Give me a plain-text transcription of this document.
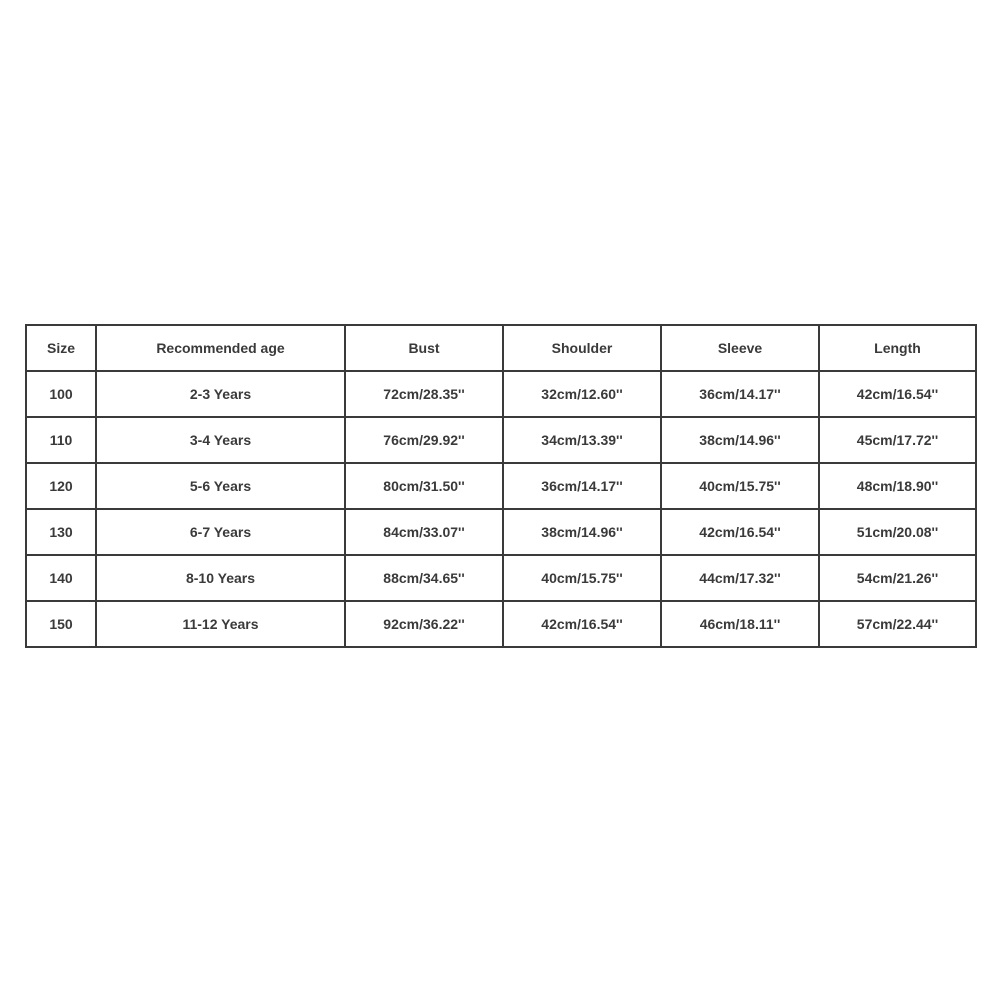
Size	Recommended age	Bust	Shoulder	Sleeve	Length
100	2-3 Years	72cm/28.35''	32cm/12.60''	36cm/14.17''	42cm/16.54''
110	3-4 Years	76cm/29.92''	34cm/13.39''	38cm/14.96''	45cm/17.72''
120	5-6 Years	80cm/31.50''	36cm/14.17''	40cm/15.75''	48cm/18.90''
130	6-7 Years	84cm/33.07''	38cm/14.96''	42cm/16.54''	51cm/20.08''
140	8-10 Years	88cm/34.65''	40cm/15.75''	44cm/17.32''	54cm/21.26''
150	11-12 Years	92cm/36.22''	42cm/16.54''	46cm/18.11''	57cm/22.44''
